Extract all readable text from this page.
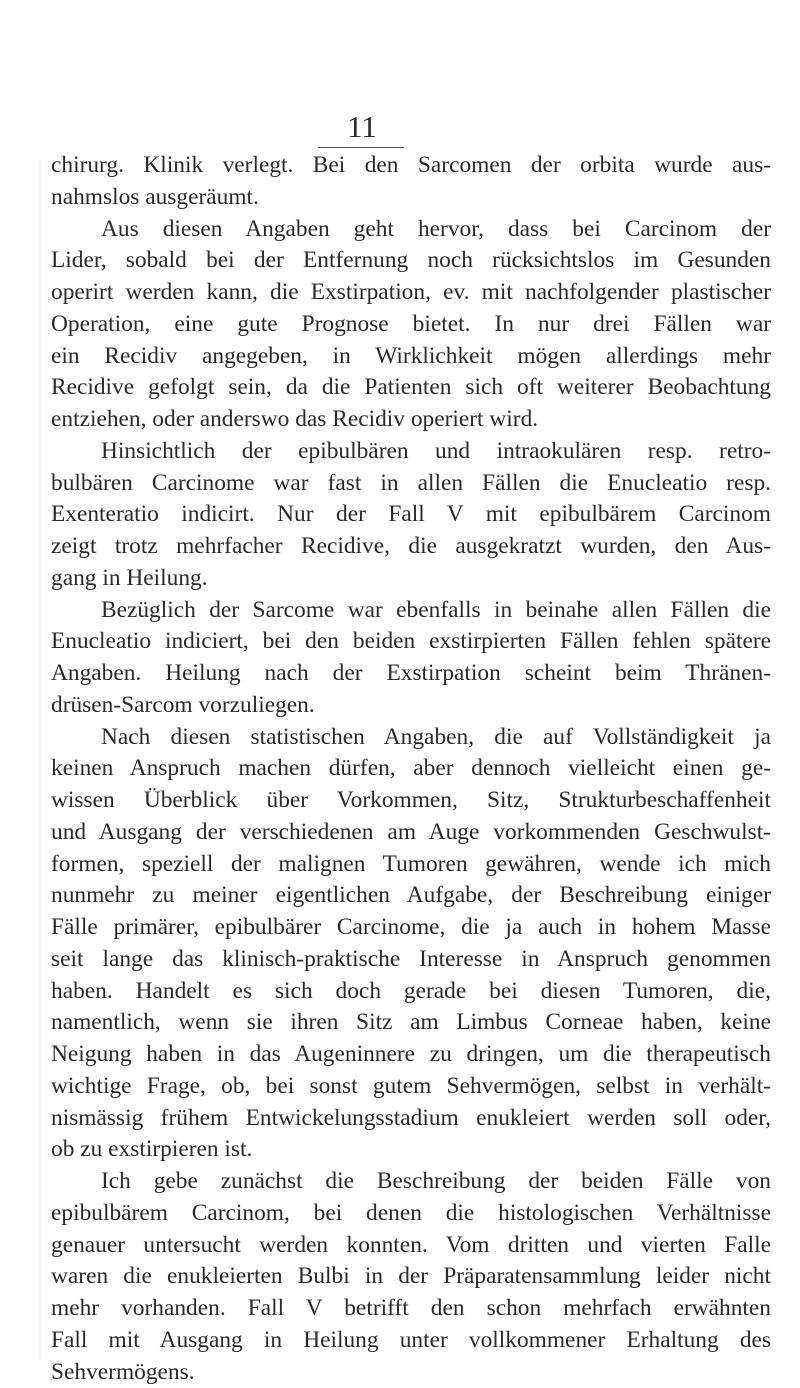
11
chirurg. Klinik verlegt. Bei den Sarcomen der orbita wurde aus-
nahmslos ausgeräumt.
Aus diesen Angaben geht hervor, dass bei Carcinom der
Lider, sobald bei der Entfernung noch rücksichtslos im Gesunden
operirt werden kann, die Exstirpation, ev. mit nachfolgender plastischer
Operation, eine gute Prognose bietet. In nur drei Fällen war
ein Recidiv angegeben, in Wirklichkeit mögen allerdings mehr
Recidive gefolgt sein, da die Patienten sich oft weiterer Beobachtung
entziehen, oder anderswo das Recidiv operiert wird.
Hinsichtlich der epibulbären und intraokulären resp. retro-
bulbären Carcinome war fast in allen Fällen die Enucleatio resp.
Exenteratio indicirt. Nur der Fall V mit epibulbärem Carcinom
zeigt trotz mehrfacher Recidive, die ausgekratzt wurden, den Aus-
gang in Heilung.
Bezüglich der Sarcome war ebenfalls in beinahe allen Fällen die
Enucleatio indiciert, bei den beiden exstirpierten Fällen fehlen spätere
Angaben. Heilung nach der Exstirpation scheint beim Thränen-
drüsen-Sarcom vorzuliegen.
Nach diesen statistischen Angaben, die auf Vollständigkeit ja
keinen Anspruch machen dürfen, aber dennoch vielleicht einen ge-
wissen Überblick über Vorkommen, Sitz, Strukturbeschaffenheit
und Ausgang der verschiedenen am Auge vorkommenden Geschwulst-
formen, speziell der malignen Tumoren gewähren, wende ich mich
nunmehr zu meiner eigentlichen Aufgabe, der Beschreibung einiger
Fälle primärer, epibulbärer Carcinome, die ja auch in hohem Masse
seit lange das klinisch-praktische Interesse in Anspruch genommen
haben. Handelt es sich doch gerade bei diesen Tumoren, die,
namentlich, wenn sie ihren Sitz am Limbus Corneae haben, keine
Neigung haben in das Augeninnere zu dringen, um die therapeutisch
wichtige Frage, ob, bei sonst gutem Sehvermögen, selbst in verhält-
nismässig frühem Entwickelungsstadium enukleiert werden soll oder,
ob zu exstirpieren ist.
Ich gebe zunächst die Beschreibung der beiden Fälle von
epibulbärem Carcinom, bei denen die histologischen Verhältnisse
genauer untersucht werden konnten. Vom dritten und vierten Falle
waren die enukleierten Bulbi in der Präparatensammlung leider nicht
mehr vorhanden. Fall V betrifft den schon mehrfach erwähnten
Fall mit Ausgang in Heilung unter vollkommener Erhaltung des
Sehvermögens.
